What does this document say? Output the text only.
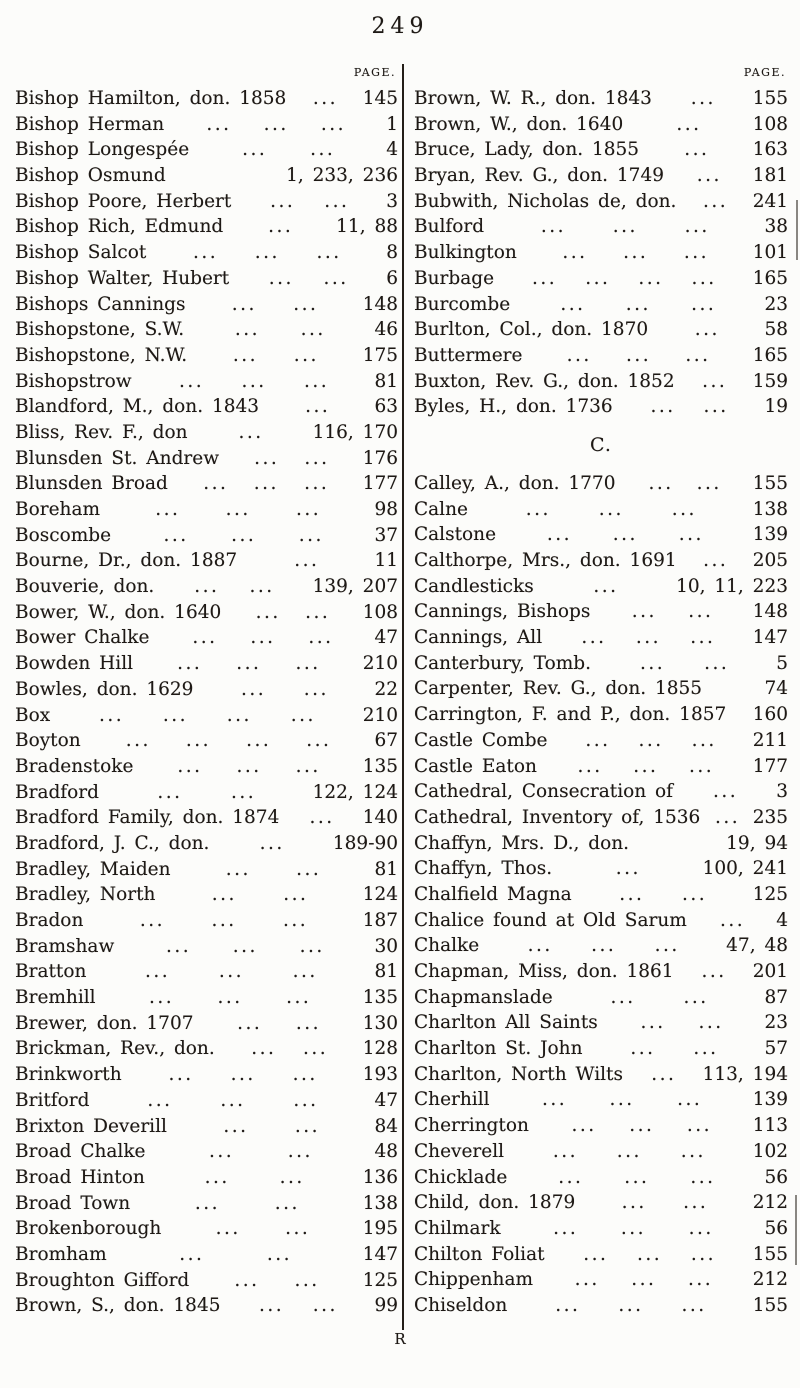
249
PAGE.
Bishop Hamilton, don. 1858 ... 145
Bishop Herman ... ... ... 1
Bishop Longespée	... ...	4
Bishop Osmund	1, 233, 236
Bishop Poore, Herbert ... ... 3
Bishop Rich, Edmund ... 11, 88
Bishop Salcot	... ... ... 8
Bishop Walter, Hubert ... ... 6
Bishops Cannings	... ... 148
Bishopstone, S.W.	... ...	46
Bishopstone, N.W. ... ... 175
Bishopstrow	... ... ... 81
Blandford, M., don. 1843 ... 63
Bliss, Rev. F., don	...	116, 170
Blunsden St. Andrew ... ... 176
Blunsden Broad ... ... ... 177
Boreham	... ... ...	98
Boscombe	... ... ...	37
Bourne, Dr., don. 1887	...	11
Bouverie, don. ... ... 139, 207
Bower, W., don. 1640 ... ... 108
Bower Chalke ... ... ... 47
Bowden Hill ... ... ... 210
Bowles, don. 1629	... ... 22
Box	... ... ... ...	210
Boyton ... ... ... ... 67
Bradenstoke ... ... ... 135
Bradford	...	...	122, 124
Bradford Family, don. 1874 ... 140
Bradford, J. C., don.	...	189-90
Bradley, Maiden	... ...	81
Bradley, North	...	...	124
Bradon	...	...	...	187
Bramshaw	... ... ...	30
Bratton	...	...	...	81
Bremhill	... ... ...	135
Brewer, don. 1707 ... ... 130
Brickman, Rev., don. ... ... 128
Brinkworth	... ... ... 193
Britford	...	...	...	47
Brixton Deverill	...	...	84
Broad Chalke	...	...	48
Broad Hinton	...	...	136
Broad Town	...	...	138
Brokenborough	... ...	195
Bromham	...	...	147
Broughton Gifford ... ... 125
Brown, S., don. 1845 ... ... 99
PAGE.
Brown, W. R., don. 1843 ... 155
Brown, W., don. 1640	...	108
Bruce, Lady, don. 1855 ... 163
Bryan, Rev. G., don. 1749 ... 181
Bubwith, Nicholas de, don. ... 241
Bulford	...	...	...	38
Bulkington ... ... ... 101
Burbage ... ... ... ... 165
Burcombe	... ... ...	23
Burlton, Col., don. 1870	... 58
Buttermere ... ... ... 165
Buxton, Rev. G., don. 1852 ... 159
Byles, H., don. 1736 ... ... 19
C.
Calley, A., don. 1770 ... ... 155
Calne	...	...	...	138
Calstone	... ... ...	139
Calthorpe, Mrs., don. 1691 ... 205
Candlesticks	...	10, 11, 223
Cannings, Bishops ... ... 148
Cannings, All ... ... ... 147
Canterbury, Tomb.	... ...	5
Carpenter, Rev. G., don. 1855	74
Carrington, F. and P., don. 1857 160
Castle Combe ... ... ... 211
Castle Eaton ... ... ... 177
Cathedral, Consecration of ... 3
Cathedral, Inventory of, 1536 ... 235
Chaffyn, Mrs. D., don.	19, 94
Chaffyn, Thos.	...	100, 241
Chalfield Magna	... ... 125
Chalice found at Old Sarum ... 4
Chalke	... ... ...	47, 48
Chapman, Miss, don. 1861 ... 201
Chapmanslade	...	...	87
Charlton All Saints ... ... 23
Charlton St. John	... ... 57
Charlton, North Wilts ... 113, 194
Cherhill	... ... ...	139
Cherrington ... ... ... 113
Cheverell	... ... ...	102
Chicklade	... ... ...	56
Child, don. 1879	... ... 212
Chilmark	... ... ...	56
Chilton Foliat ... ... ... 155
Chippenham ... ... ... 212
Chiseldon	... ... ... 155
R
